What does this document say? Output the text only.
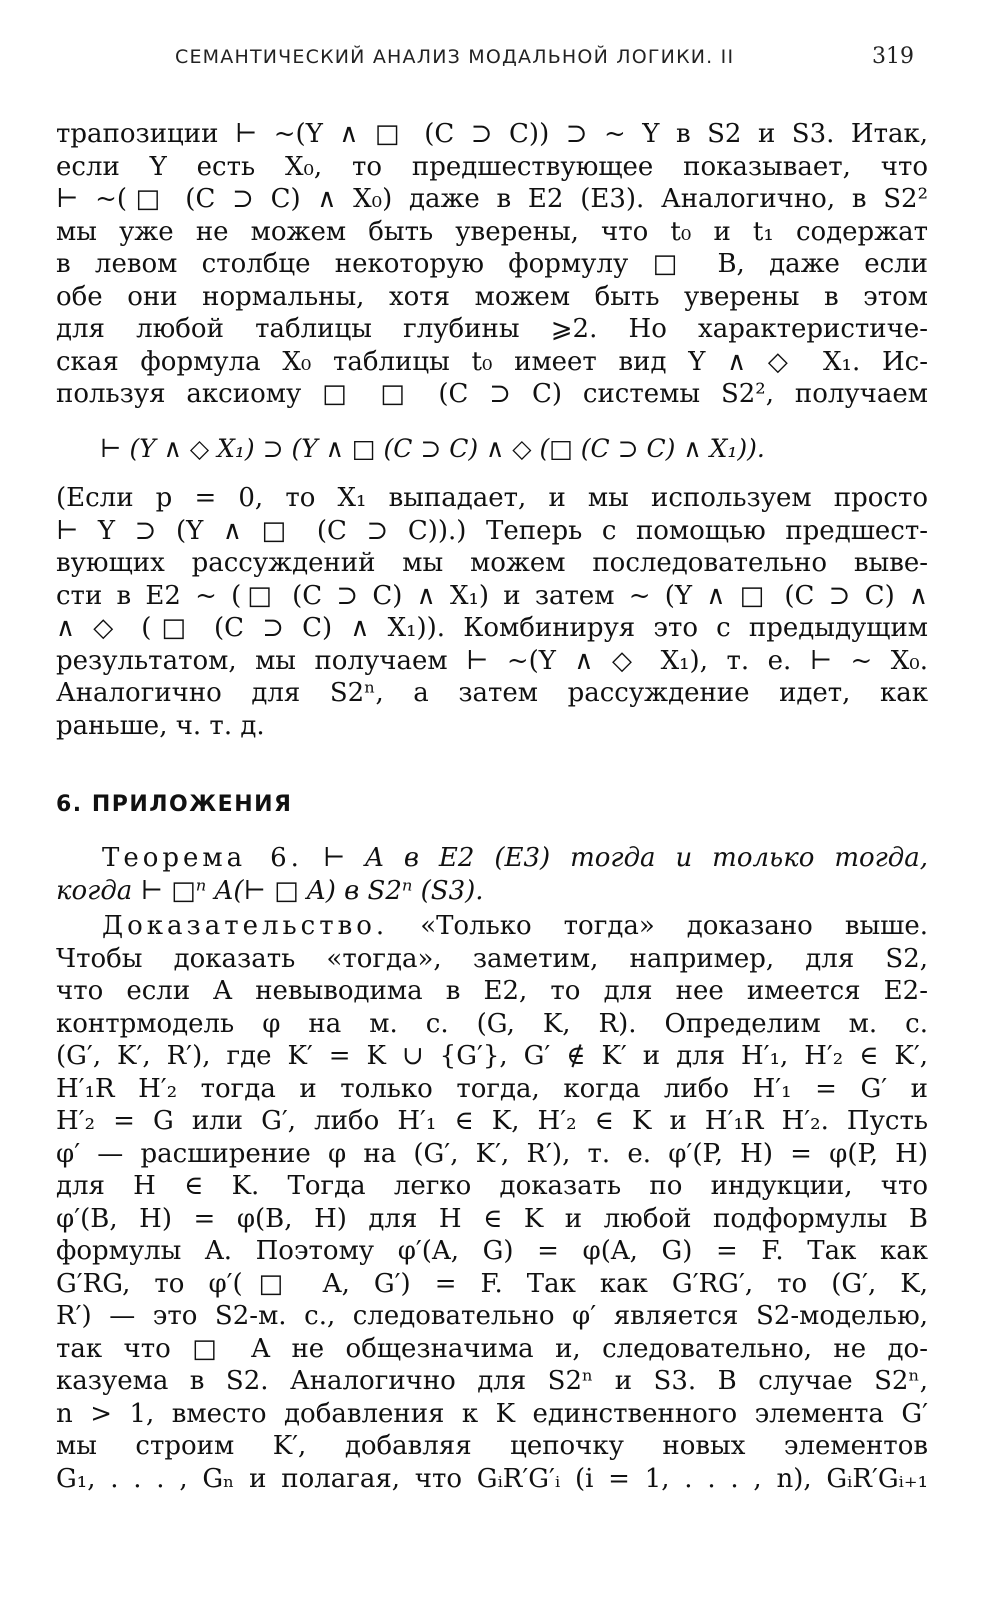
СЕМАНТИЧЕСКИЙ АНАЛИЗ МОДАЛЬНОЙ ЛОГИКИ. II	319
трапозиции ⊢ ~(Y ∧ □ (C ⊃ C)) ⊃ ~ Y в S2 и S3. Итак,
если Y есть X₀, то предшествующее показывает, что
⊢ ~(□ (C ⊃ C) ∧ X₀) даже в E2 (E3). Аналогично, в S2²
мы уже не можем быть уверены, что t₀ и t₁ содержат
в левом столбце некоторую формулу □ B, даже если
обе они нормальны, хотя можем быть уверены в этом
для любой таблицы глубины ⩾2. Но характеристиче-
ская формула X₀ таблицы t₀ имеет вид Y ∧ ◇ X₁. Ис-
пользуя аксиому □ □ (C ⊃ C) системы S2², получаем
⊢ (Y ∧ ◇ X₁) ⊃ (Y ∧ □ (C ⊃ C) ∧ ◇ (□ (C ⊃ C) ∧ X₁)).
(Если p = 0, то X₁ выпадает, и мы используем просто
⊢ Y ⊃ (Y ∧ □ (C ⊃ C)).) Теперь с помощью предшест-
вующих рассуждений мы можем последовательно выве-
сти в E2 ~ (□ (C ⊃ C) ∧ X₁) и затем ~ (Y ∧ □ (C ⊃ C) ∧
∧ ◇ (□ (C ⊃ C) ∧ X₁)). Комбинируя это с предыдущим
результатом, мы получаем ⊢ ~(Y ∧ ◇ X₁), т. е. ⊢ ~ X₀.
Аналогично для S2ⁿ, а затем рассуждение идет, как
раньше, ч. т. д.
6. ПРИЛОЖЕНИЯ
Теорема 6. ⊢ A в E2 (E3) тогда и только тогда,
когда ⊢ □ⁿ A(⊢ □ A) в S2ⁿ (S3).
Доказательство. «Только тогда» доказано выше.
Чтобы доказать «тогда», заметим, например, для S2,
что если A невыводима в E2, то для нее имеется E2-
контрмодель φ на м. с. (G, K, R). Определим м. с.
(G′, K′, R′), где K′ = K ∪ {G′}, G′ ∉ K′ и для H′₁, H′₂ ∈ K′,
H′₁R H′₂ тогда и только тогда, когда либо H′₁ = G′ и
H′₂ = G или G′, либо H′₁ ∈ K, H′₂ ∈ K и H′₁R H′₂. Пусть
φ′ — расширение φ на (G′, K′, R′), т. е. φ′(P, H) = φ(P, H)
для H ∈ K. Тогда легко доказать по индукции, что
φ′(B, H) = φ(B, H) для H ∈ K и любой подформулы B
формулы A. Поэтому φ′(A, G) = φ(A, G) = F. Так как
G′RG, то φ′(□ A, G′) = F. Так как G′RG′, то (G′, K,
R′) — это S2-м. с., следовательно φ′ является S2-моделью,
так что □ A не общезначима и, следовательно, не до-
казуема в S2. Аналогично для S2ⁿ и S3. В случае S2ⁿ,
n > 1, вместо добавления к K единственного элемента G′
мы строим K′, добавляя цепочку новых элементов
G₁, . . . , Gₙ и полагая, что GᵢR′G′ᵢ (i = 1, . . . , n), GᵢR′Gᵢ₊₁
